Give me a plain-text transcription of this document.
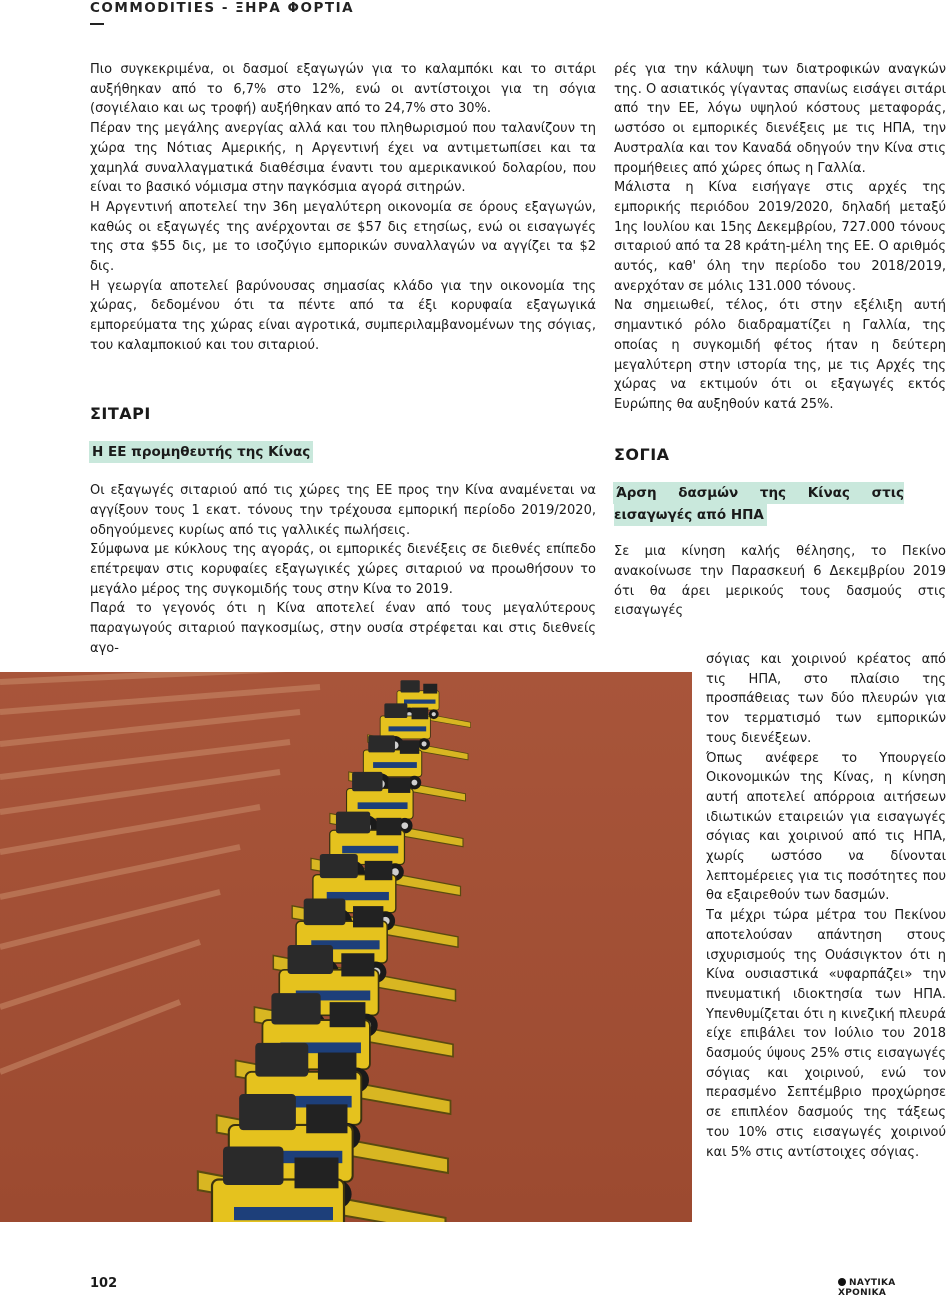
COMMODITIES - ΞΗΡΑ ΦΟΡΤΙΑ

Πιο συγκεκριμένα, οι δασμοί εξαγωγών για το καλαμπόκι και το σιτάρι αυξήθηκαν από το 6,7% στο 12%, ενώ οι αντίστοιχοι για τη σόγια (σογιέλαιο και ως τροφή) αυξήθηκαν από το 24,7% στο 30%.

Πέραν της μεγάλης ανεργίας αλλά και του πληθωρισμού που ταλανίζουν τη χώρα της Νότιας Αμερικής, η Αργεντινή έχει να αντιμετωπίσει και τα χαμηλά συναλλαγματικά διαθέσιμα έναντι του αμερικανικού δολαρίου, που είναι το βασικό νόμισμα στην παγκόσμια αγορά σιτηρών.

Η Αργεντινή αποτελεί την 36η μεγαλύτερη οικονομία σε όρους εξαγωγών, καθώς οι εξαγωγές της ανέρχονται σε $57 δις ετησίως, ενώ οι εισαγωγές της στα $55 δις, με το ισοζύγιο εμπορικών συναλλαγών να αγγίζει τα $2 δις.

Η γεωργία αποτελεί βαρύνουσας σημασίας κλάδο για την οικονομία της χώρας, δεδομένου ότι τα πέντε από τα έξι κορυφαία εξαγωγικά εμπορεύματα της χώρας είναι αγροτικά, συμπεριλαμβανομένων της σόγιας, του καλαμποκιού και του σιταριού.

ΣΙΤΑΡΙ
Η ΕΕ προμηθευτής της Κίνας

Οι εξαγωγές σιταριού από τις χώρες της ΕΕ προς την Κίνα αναμένεται να αγγίξουν τους 1 εκατ. τόνους την τρέχουσα εμπορική περίοδο 2019/2020, οδηγούμενες κυρίως από τις γαλλικές πωλήσεις.

Σύμφωνα με κύκλους της αγοράς, οι εμπορικές διενέξεις σε διεθνές επίπεδο επέτρεψαν στις κορυφαίες εξαγωγικές χώρες σιταριού να προωθήσουν το μεγάλο μέρος της συγκομιδής τους στην Κίνα το 2019.

Παρά το γεγονός ότι η Κίνα αποτελεί έναν από τους μεγαλύτερους παραγωγούς σιταριού παγκοσμίως, στην ουσία στρέφεται και στις διεθνείς αγο-

ρές για την κάλυψη των διατροφικών αναγκών της. Ο ασιατικός γίγαντας σπανίως εισάγει σιτάρι από την ΕΕ, λόγω υψηλού κόστους μεταφοράς, ωστόσο οι εμπορικές διενέξεις με τις ΗΠΑ, την Αυστραλία και τον Καναδά οδηγούν την Κίνα στις προμήθειες από χώρες όπως η Γαλλία.

Μάλιστα η Κίνα εισήγαγε στις αρχές της εμπορικής περιόδου 2019/2020, δηλαδή μεταξύ 1ης Ιουλίου και 15ης Δεκεμβρίου, 727.000 τόνους σιταριού από τα 28 κράτη-μέλη της ΕΕ. Ο αριθμός αυτός, καθ' όλη την περίοδο του 2018/2019, ανερχόταν σε μόλις 131.000 τόνους.

Να σημειωθεί, τέλος, ότι στην εξέλιξη αυτή σημαντικό ρόλο διαδραματίζει η Γαλλία, της οποίας η συγκομιδή φέτος ήταν η δεύτερη μεγαλύτερη στην ιστορία της, με τις Αρχές της χώρας να εκτιμούν ότι οι εξαγωγές εκτός Ευρώπης θα αυξηθούν κατά 25%.

ΣΟΓΙΑ
Άρση δασμών της Κίνας στις εισαγωγές από ΗΠΑ

Σε μια κίνηση καλής θέλησης, το Πεκίνο ανακοίνωσε την Παρασκευή 6 Δεκεμβρίου 2019 ότι θα άρει μερικούς τους δασμούς στις εισαγωγές

σόγιας και χοιρινού κρέατος από τις ΗΠΑ, στο πλαίσιο της προσπάθειας των δύο πλευρών για τον τερματισμό των εμπορικών τους διενέξεων.

Όπως ανέφερε το Υπουργείο Οικονομικών της Κίνας, η κίνηση αυτή αποτελεί απόρροια αιτήσεων ιδιωτικών εταιρειών για εισαγωγές σόγιας και χοιρινού από τις ΗΠΑ, χωρίς ωστόσο να δίνονται λεπτομέρειες για τις ποσότητες που θα εξαιρεθούν των δασμών.

Τα μέχρι τώρα μέτρα του Πεκίνου αποτελούσαν απάντηση στους ισχυρισμούς της Ουάσιγκτον ότι η Κίνα ουσιαστικά «υφαρπάζει» την πνευματική ιδιοκτησία των ΗΠΑ. Υπενθυμίζεται ότι η κινεζική πλευρά είχε επιβάλει τον Ιούλιο του 2018 δασμούς ύψους 25% στις εισαγωγές σόγιας και χοιρινού, ενώ τον περασμένο Σεπτέμβριο προχώρησε σε επιπλέον δασμούς της τάξεως του 10% στις εισαγωγές χοιρινού και 5% στις αντίστοιχες σόγιας.

102	ΝΑΥΤΙΚΑ ΧΡΟΝΙΚΑ
